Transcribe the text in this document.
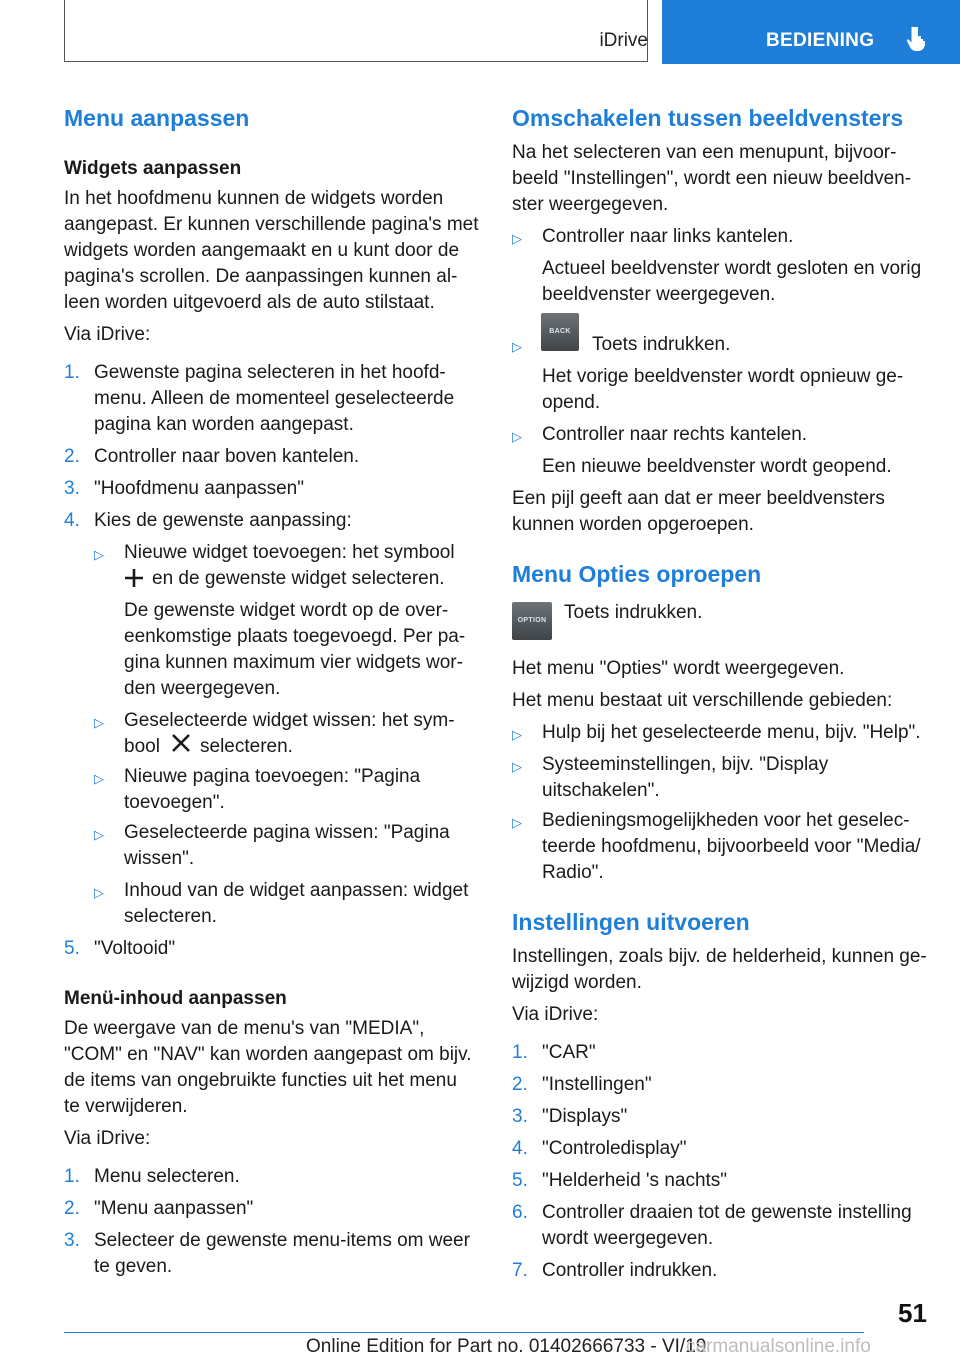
iDrive	BEDIENING
Menu aanpassen
Widgets aanpassen
In het hoofdmenu kunnen de widgets worden
aangepast. Er kunnen verschillende pagina's met
widgets worden aangemaakt en u kunt door de
pagina's scrollen. De aanpassingen kunnen al-
leen worden uitgevoerd als de auto stilstaat.
Via iDrive:
1. Gewenste pagina selecteren in het hoofd-
menu. Alleen de momenteel geselecteerde
pagina kan worden aangepast.
2. Controller naar boven kantelen.
3. "Hoofdmenu aanpassen"
4. Kies de gewenste aanpassing:
▷ Nieuwe widget toevoegen: het symbool
en de gewenste widget selecteren.
De gewenste widget wordt op de over-
eenkomstige plaats toegevoegd. Per pa-
gina kunnen maximum vier widgets wor-
den weergegeven.
▷ Geselecteerde widget wissen: het sym-
bool selecteren.
▷ Nieuwe pagina toevoegen: "Pagina
toevoegen".
▷ Geselecteerde pagina wissen: "Pagina
wissen".
▷ Inhoud van de widget aanpassen: widget
selecteren.
5. "Voltooid"
Menü-inhoud aanpassen
De weergave van de menu's van "MEDIA",
"COM" en "NAV" kan worden aangepast om bijv.
de items van ongebruikte functies uit het menu
te verwijderen.
Via iDrive:
1. Menu selecteren.
2. "Menu aanpassen"
3. Selecteer de gewenste menu-items om weer
te geven.
Omschakelen tussen beeldvensters
Na het selecteren van een menupunt, bijvoor-
beeld "Instellingen", wordt een nieuw beeldven-
ster weergegeven.
▷ Controller naar links kantelen.
Actueel beeldvenster wordt gesloten en vorig
beeldvenster weergegeven.
▷
BACK
Toets indrukken.
Het vorige beeldvenster wordt opnieuw ge-
opend.
▷ Controller naar rechts kantelen.
Een nieuwe beeldvenster wordt geopend.
Een pijl geeft aan dat er meer beeldvensters
kunnen worden opgeroepen.
Menu Opties oproepen
OPTION Toets indrukken.
Het menu "Opties" wordt weergegeven.
Het menu bestaat uit verschillende gebieden:
▷ Hulp bij het geselecteerde menu, bijv. "Help".
▷ Systeeminstellingen, bijv. "Display
uitschakelen".
▷ Bedieningsmogelijkheden voor het geselec-
teerde hoofdmenu, bijvoorbeeld voor "Media/
Radio".
Instellingen uitvoeren
Instellingen, zoals bijv. de helderheid, kunnen ge-
wijzigd worden.
Via iDrive:
1. "CAR"
2. "Instellingen"
3. "Displays"
4. "Controledisplay"
5. "Helderheid 's nachts"
6. Controller draaien tot de gewenste instelling
wordt weergegeven.
7. Controller indrukken.
51
Online Edition for Part no. 01402666733 - VI/19
carmanualsonline.info
